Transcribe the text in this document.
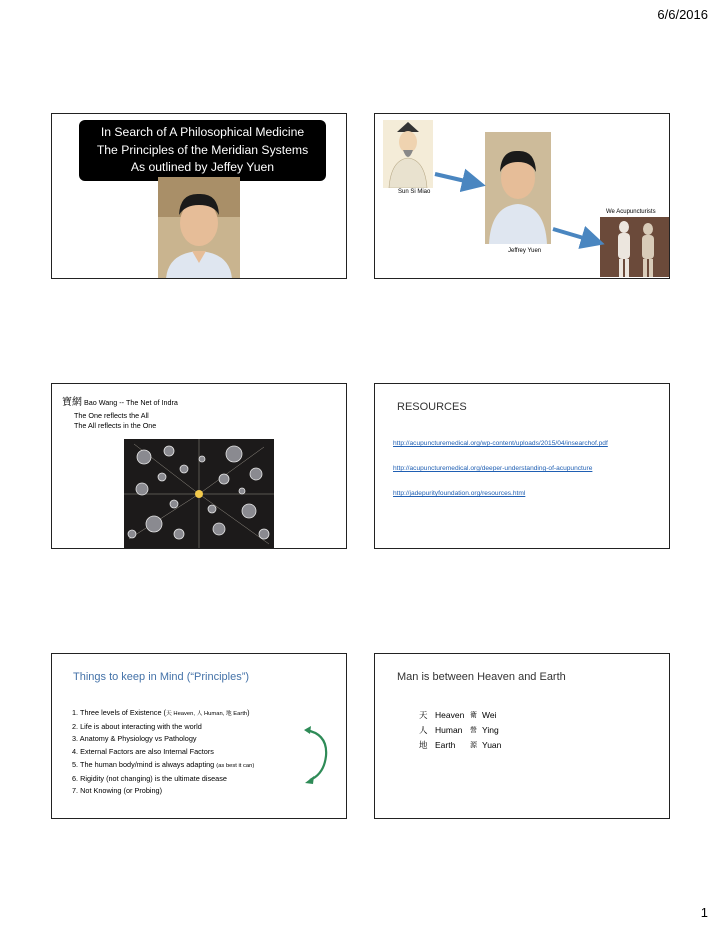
6/6/2016
In Search of A Philosophical Medicine
The Principles of the Meridian Systems
As outlined by Jeffey Yuen
Sun Si Miao
Jeffrey Yuen
We Acupuncturists
寶網 Bao Wang -- The Net of Indra
The One reflects the All
The All reflects in the One
RESOURCES
http://acupuncturemedical.org/wp-content/uploads/2015/04/insearchof.pdf
http://acupuncturemedical.org/deeper-understanding-of-acupuncture
http://jadepurityfoundation.org/resources.html
Things to keep in Mind (“Principles”)
1. Three levels of Existence (天 Heaven, 人 Human, 地 Earth)
2. Life is about interacting with the world
3. Anatomy & Physiology vs Pathology
4. External Factors are also Internal Factors
5. The human body/mind is always adapting (as best it can)
6. Rigidity (not changing) is the ultimate disease
7. Not Knowing (or Probing)
Man is between Heaven and Earth
天 Heaven 衛 Wei
人 Human	營 Ying
地 Earth	源 Yuan
1
